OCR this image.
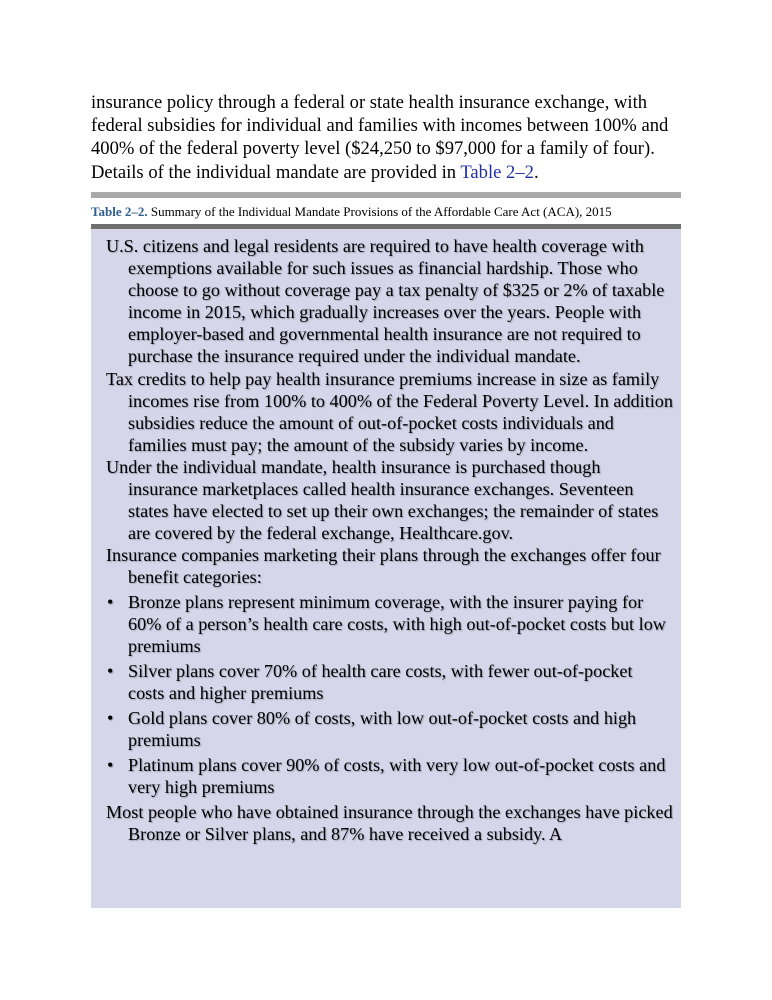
insurance policy through a federal or state health insurance exchange, with federal subsidies for individual and families with incomes between 100% and 400% of the federal poverty level ($24,250 to $97,000 for a family of four). Details of the individual mandate are provided in Table 2–2.

Table 2–2. Summary of the Individual Mandate Provisions of the Affordable Care Act (ACA), 2015

U.S. citizens and legal residents are required to have health coverage with exemptions available for such issues as financial hardship. Those who choose to go without coverage pay a tax penalty of $325 or 2% of taxable income in 2015, which gradually increases over the years. People with employer-based and governmental health insurance are not required to purchase the insurance required under the individual mandate.

Tax credits to help pay health insurance premiums increase in size as family incomes rise from 100% to 400% of the Federal Poverty Level. In addition subsidies reduce the amount of out-of-pocket costs individuals and families must pay; the amount of the subsidy varies by income.

Under the individual mandate, health insurance is purchased though insurance marketplaces called health insurance exchanges. Seventeen states have elected to set up their own exchanges; the remainder of states are covered by the federal exchange, Healthcare.gov.

Insurance companies marketing their plans through the exchanges offer four benefit categories:

• Bronze plans represent minimum coverage, with the insurer paying for 60% of a person’s health care costs, with high out-of-pocket costs but low premiums
• Silver plans cover 70% of health care costs, with fewer out-of-pocket costs and higher premiums
• Gold plans cover 80% of costs, with low out-of-pocket costs and high premiums
• Platinum plans cover 90% of costs, with very low out-of-pocket costs and very high premiums

Most people who have obtained insurance through the exchanges have picked Bronze or Silver plans, and 87% have received a subsidy. A
